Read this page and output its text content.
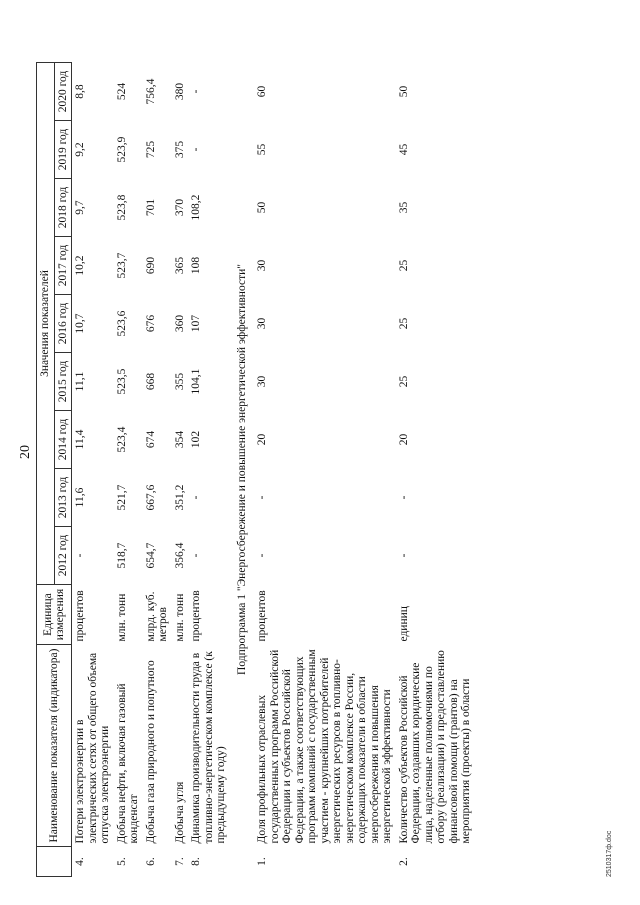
20
	Наименование показателя (индикатора)	Единица измерения	Значения показателей								
			2012 год	2013 год	2014 год	2015 год	2016 год	2017 год	2018 год	2019 год	2020 год
4.	Потери электроэнергии в электрических сетях от общего объема отпуска электроэнергии	процентов	-	11,6	11,4	11,1	10,7	10,2	9,7	9,2	8,8
5.	Добыча нефти, включая газовый конденсат	млн. тонн	518,7	521,7	523,4	523,5	523,6	523,7	523,8	523,9	524
6.	Добыча газа природного и попутного	млрд. куб. метров	654,7	667,6	674	668	676	690	701	725	756,4
7.	Добыча угля	млн. тонн	356,4	351,2	354	355	360	365	370	375	380
8.	Динамика производительности труда в топливно-энергетическом комплексе (к предыдущему году)	процентов	-	-	102	104,1	107	108	108,2	-	-
Подпрограмма 1 "Энергосбережение и повышение энергетической эффективности"											
1.	Доля профильных отраслевых государственных программ Российской Федерации и субъектов Российской Федерации, а также соответствующих программ компаний с государственным участием - крупнейших потребителей энергетических ресурсов в топливно-энергетическом комплексе России, содержащих показатели в области энергосбережения и повышения энергетической эффективности	процентов	-	-	20	30	30	30	50	55	60
2.	Количество субъектов Российской Федерации, создавших юридические лица, наделенные полномочиями по отбору (реализации) и предоставлению финансовой помощи (грантов) на мероприятия (проекты) в области	единиц	-	-	20	25	25	25	35	45	50
2510317ф.doc
